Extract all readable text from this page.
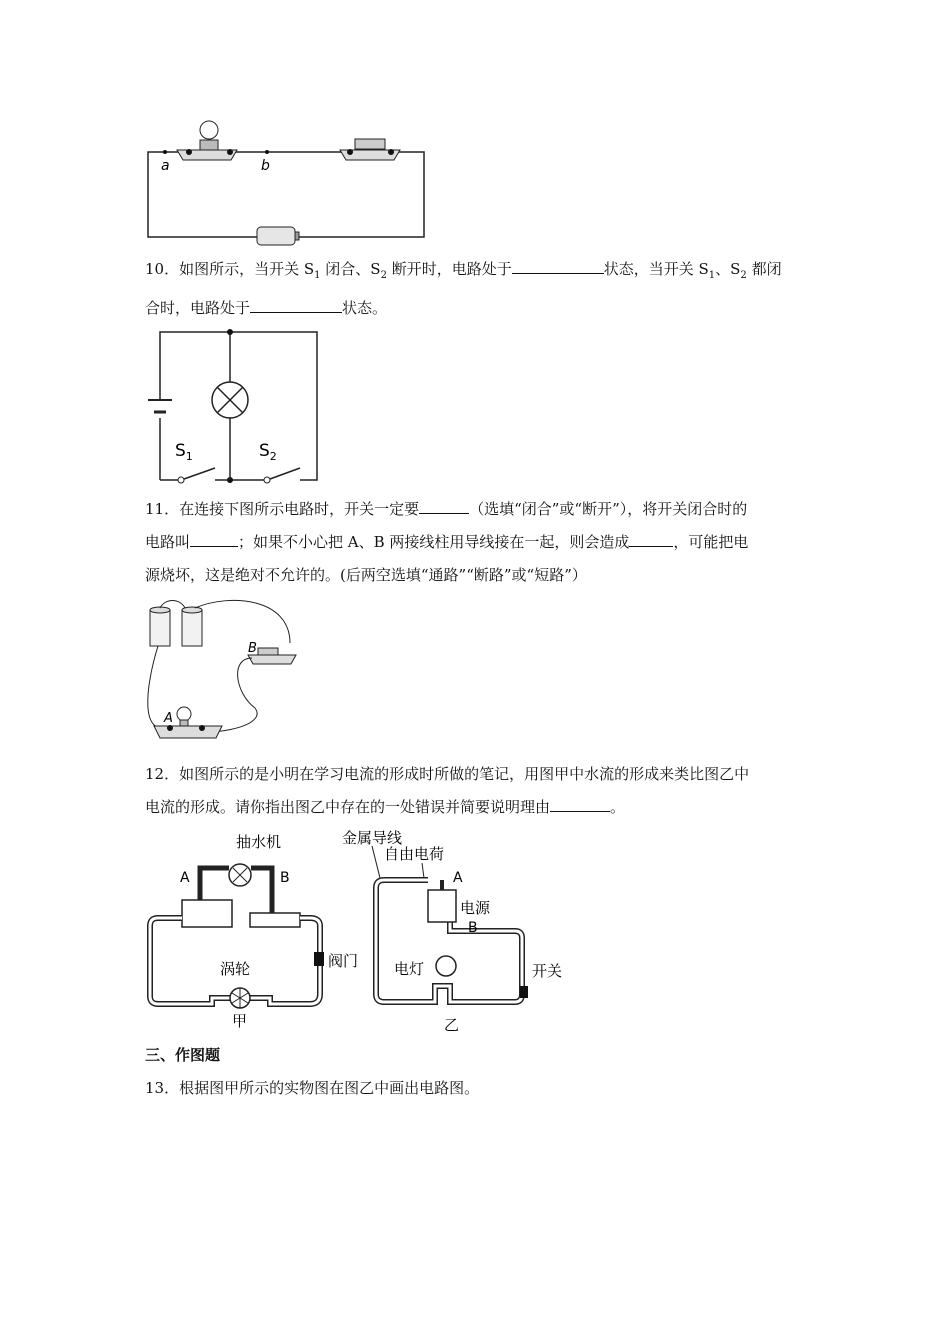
a	b
10．如图所示，当开关 $S_1$ 闭合、$S_2$ 断开时，电路处于	状态，当开关 $S_1$、$S_2$ 都闭
合时，电路处于	状态。
$S_1$	$S_2$
11．在连接下图所示电路时，开关一定要	（选填“闭合”或“断开”），将开关闭合时的
电路叫	；如果不小心把 A、B 两接线柱用导线接在一起，则会造成	，可能把电
源烧坏，这是绝对不允许的。(后两空选填“通路”“断路”或“短路”）
A
B
12．如图所示的是小明在学习电流的形成时所做的笔记，用图甲中水流的形成来类比图乙中
电流的形成。请你指出图乙中存在的一处错误并简要说明理由	。
抽水机
A	B
阀门
涡轮
甲
金属导线
自由电荷
A
电源
B
电灯	开关
乙
三、作图题
13．根据图甲所示的实物图在图乙中画出电路图。
